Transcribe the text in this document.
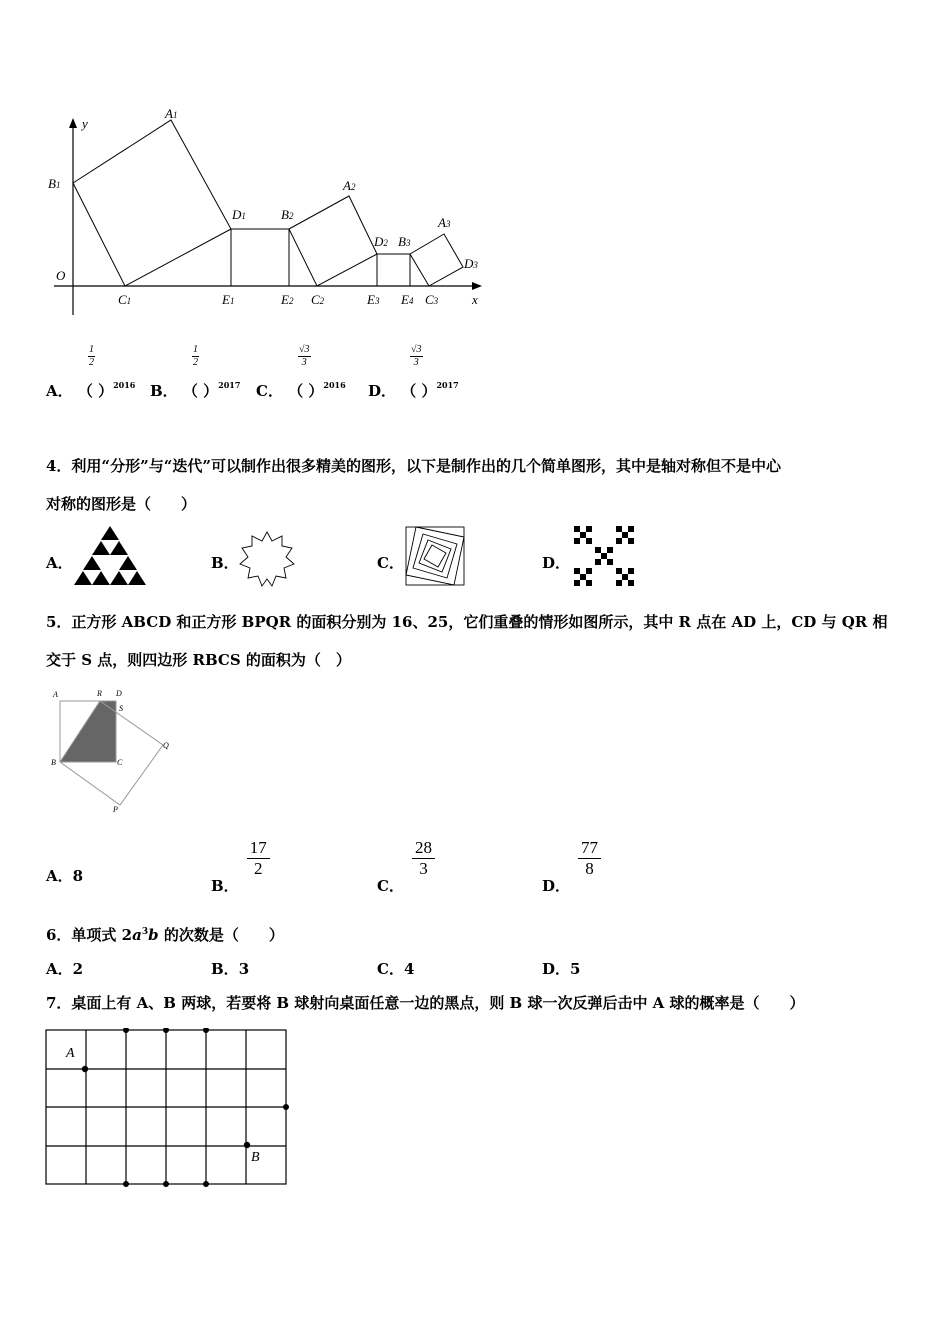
y
O
x
B1
A1
D1	B2
A2
D2 B3
A3
D3
C1	E1	E2 C2	E3 E4 C3
$\frac{1}{2}$
A． （ ）$^{2016}$
$\frac{1}{2}$
B． （ ）$^{2017}$
$\frac{√3}{3}$
C． （ ）$^{2016}$
$\frac{√3}{3}$
D． （ ）$^{2017}$
4．利用“分形”与“迭代”可以制作出很多精美的图形，以下是制作出的几个简单图形，其中是轴对称但不是中心
对称的图形是（　　）
A．	B．	C．	D．
5．正方形 ABCD 和正方形 BPQR 的面积分别为 16、25，它们重叠的情形如图所示，其中 R 点在 AD 上，CD 与 QR 相
交于 S 点，则四边形 RBCS 的面积为（　）
A	R D
S
Q
B	C
P
A．8
B．
$\frac{17}{2}$
C．
$\frac{28}{3}$
D．
$\frac{77}{8}$
6．单项式 $2a^3b$ 的次数是（　　）
A．2	B．3	C．4	D．5
7．桌面上有 A、B 两球，若要将 B 球射向桌面任意一边的黑点，则 B 球一次反弹后击中 A 球的概率是（　　）
A
B
